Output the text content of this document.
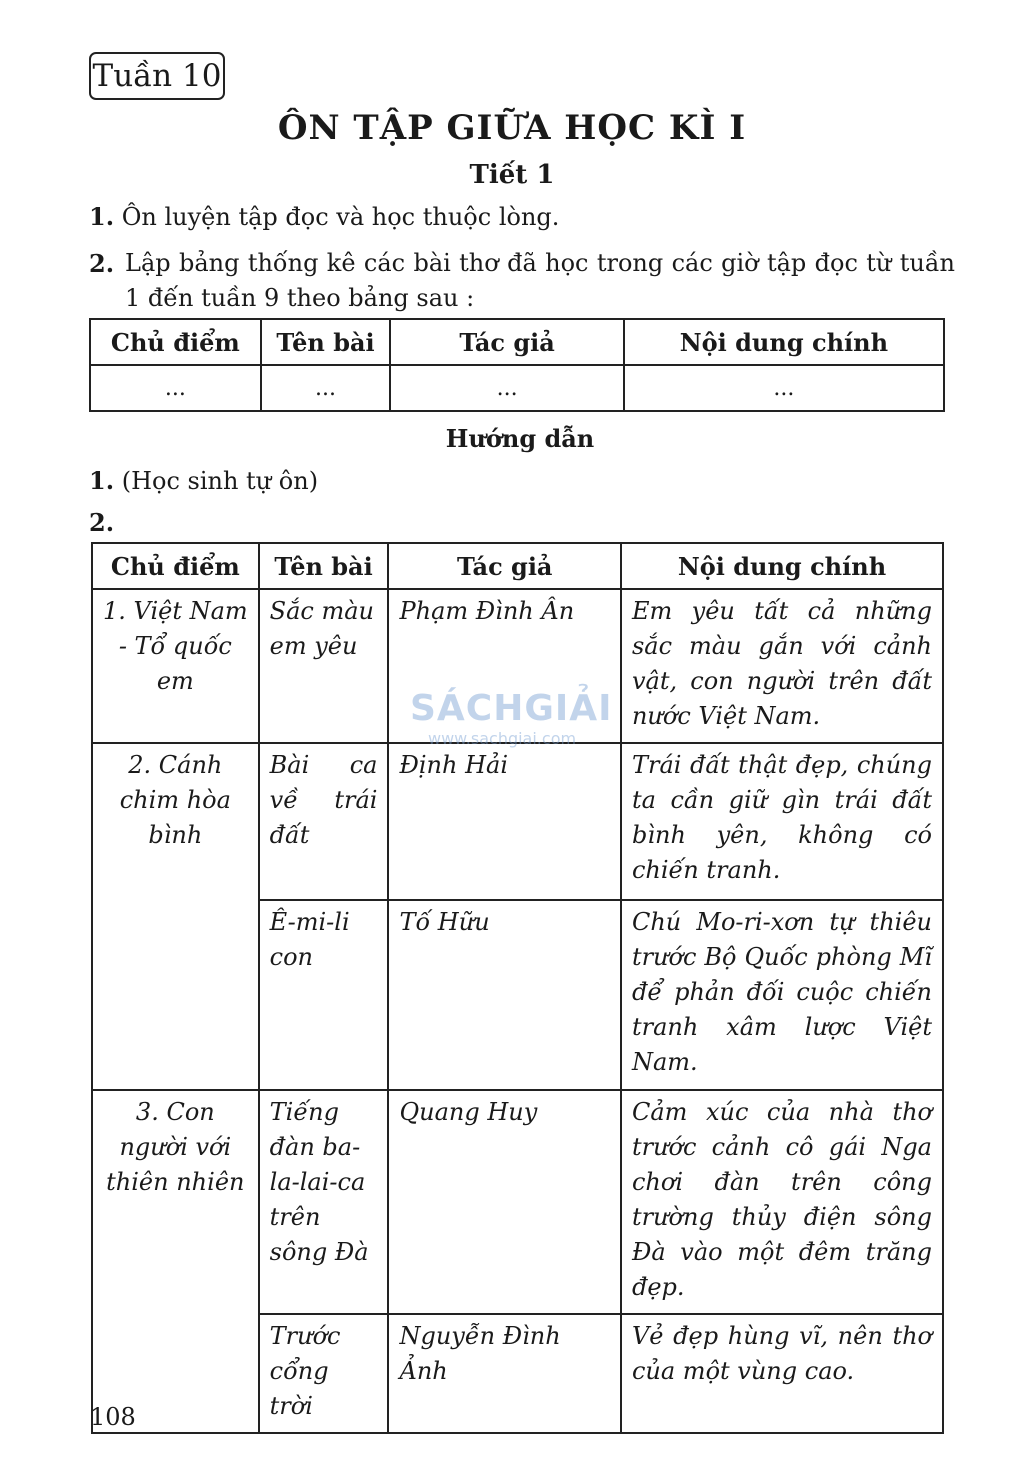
Tuần 10
ÔN TẬP GIỮA HỌC KÌ I
Tiết 1
1. Ôn luyện tập đọc và học thuộc lòng.
2. Lập bảng thống kê các bài thơ đã học trong các giờ tập đọc từ tuần 1 đến tuần 9 theo bảng sau :
Chủ điểm	Tên bài	Tác giả	Nội dung chính
...	...	...	...
Hướng dẫn
1. (Học sinh tự ôn)
2.
Chủ điểm	Tên bài	Tác giả	Nội dung chính
1. Việt Nam - Tổ quốc em	Sắc màu em yêu	Phạm Đình Ân	Em yêu tất cả những sắc màu gắn với cảnh vật, con người trên đất nước Việt Nam.
2. Cánh chim hòa bình	Bài ca về trái đất	Định Hải	Trái đất thật đẹp, chúng ta cần giữ gìn trái đất bình yên, không có chiến tranh.
	Ê-mi-li con	Tố Hữu	Chú Mo-ri-xơn tự thiêu trước Bộ Quốc phòng Mĩ để phản đối cuộc chiến tranh xâm lược Việt Nam.
3. Con người với thiên nhiên	Tiếng đàn ba-la-lai-ca trên sông Đà	Quang Huy	Cảm xúc của nhà thơ trước cảnh cô gái Nga chơi đàn trên công trường thủy điện sông Đà vào một đêm trăng đẹp.
	Trước cổng trời	Nguyễn Đình Ảnh	Vẻ đẹp hùng vĩ, nên thơ của một vùng cao.
SÁCHGIẢI
www.sachgiai.com
108
